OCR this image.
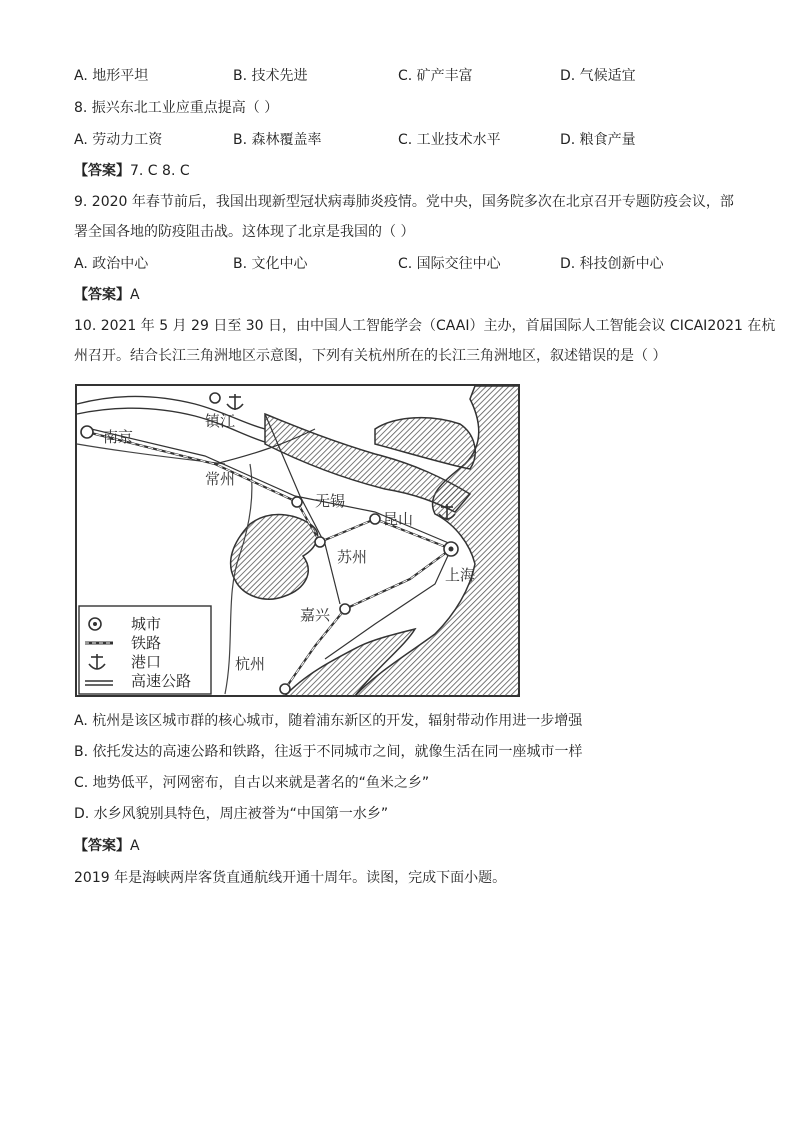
A. 地形平坦	B. 技术先进	C. 矿产丰富	D. 气候适宜
8. 振兴东北工业应重点提高（ ）
A. 劳动力工资	B. 森林覆盖率	C. 工业技术水平	D. 粮食产量
【答案】7. C 8. C
9. 2020 年春节前后，我国出现新型冠状病毒肺炎疫情。党中央，国务院多次在北京召开专题防疫会议，部
署全国各地的防疫阻击战。这体现了北京是我国的（ ）
A. 政治中心	B. 文化中心	C. 国际交往中心	D. 科技创新中心
【答案】A
10. 2021 年 5 月 29 日至 30 日，由中国人工智能学会（CAAI）主办，首届国际人工智能会议 CICAI2021 在杭
州召开。结合长江三角洲地区示意图，下列有关杭州所在的长江三角洲地区，叙述错误的是（ ）
城市
铁路
港口
高速公路
南京
镇江
常州
无锡
昆山
苏州
上海
嘉兴
杭州
A. 杭州是该区城市群的核心城市，随着浦东新区的开发，辐射带动作用进一步增强
B. 依托发达的高速公路和铁路，往返于不同城市之间，就像生活在同一座城市一样
C. 地势低平，河网密布，自古以来就是著名的“鱼米之乡”
D. 水乡风貌别具特色，周庄被誉为“中国第一水乡”
【答案】A
2019 年是海峡两岸客货直通航线开通十周年。读图，完成下面小题。
